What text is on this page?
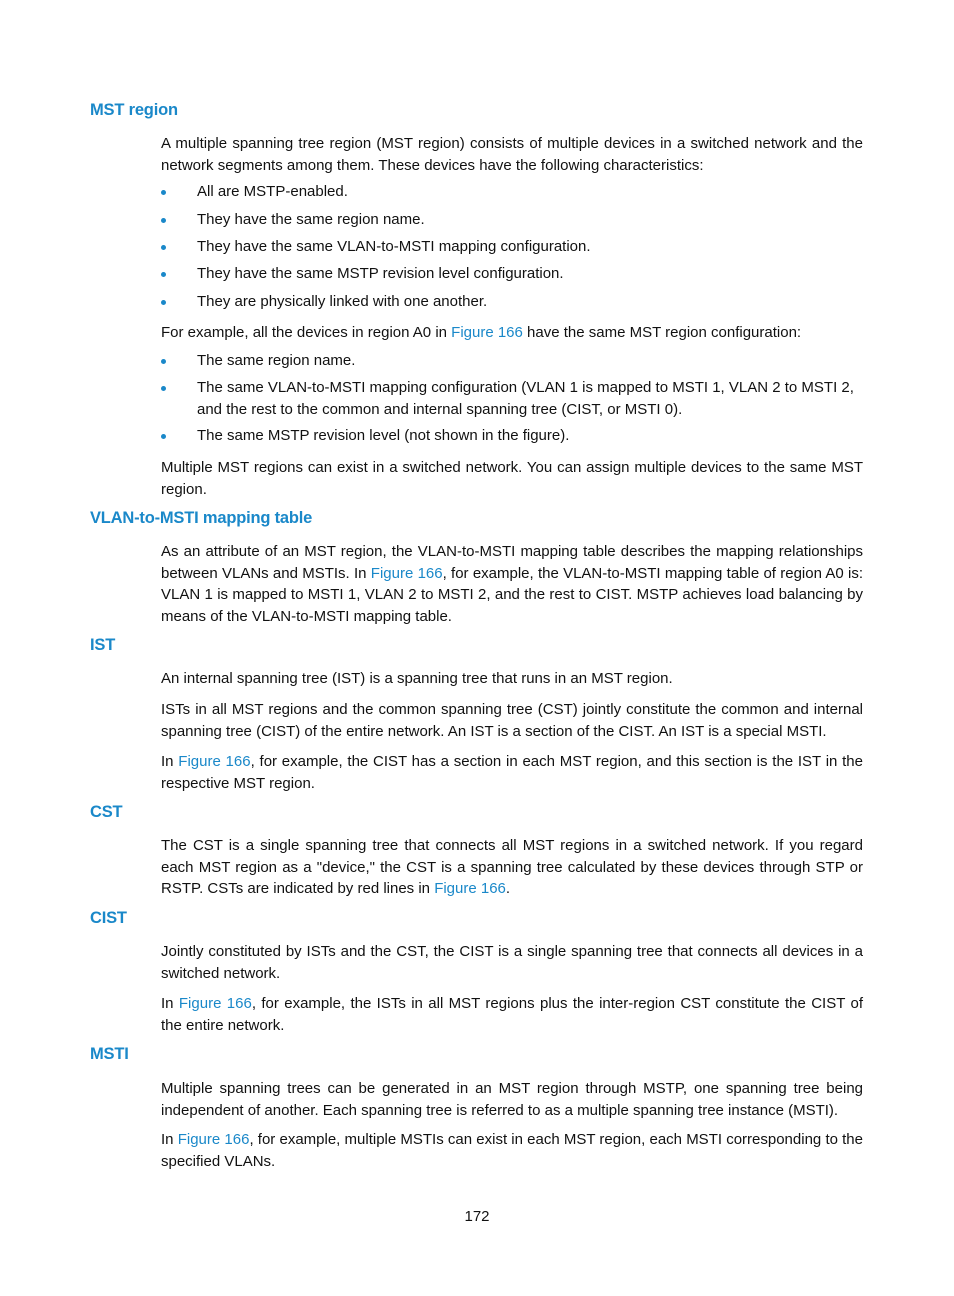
MST region

A multiple spanning tree region (MST region) consists of multiple devices in a switched network and the network segments among them. These devices have the following characteristics:

All are MSTP-enabled.
They have the same region name.
They have the same VLAN-to-MSTI mapping configuration.
They have the same MSTP revision level configuration.
They are physically linked with one another.

For example, all the devices in region A0 in Figure 166 have the same MST region configuration:

The same region name.
The same VLAN-to-MSTI mapping configuration (VLAN 1 is mapped to MSTI 1, VLAN 2 to MSTI 2, and the rest to the common and internal spanning tree (CIST, or MSTI 0).
The same MSTP revision level (not shown in the figure).

Multiple MST regions can exist in a switched network. You can assign multiple devices to the same MST region.

VLAN-to-MSTI mapping table

As an attribute of an MST region, the VLAN-to-MSTI mapping table describes the mapping relationships between VLANs and MSTIs. In Figure 166, for example, the VLAN-to-MSTI mapping table of region A0 is: VLAN 1 is mapped to MSTI 1, VLAN 2 to MSTI 2, and the rest to CIST. MSTP achieves load balancing by means of the VLAN-to-MSTI mapping table.

IST

An internal spanning tree (IST) is a spanning tree that runs in an MST region.

ISTs in all MST regions and the common spanning tree (CST) jointly constitute the common and internal spanning tree (CIST) of the entire network. An IST is a section of the CIST. An IST is a special MSTI.

In Figure 166, for example, the CIST has a section in each MST region, and this section is the IST in the respective MST region.

CST

The CST is a single spanning tree that connects all MST regions in a switched network. If you regard each MST region as a "device," the CST is a spanning tree calculated by these devices through STP or RSTP. CSTs are indicated by red lines in Figure 166.

CIST

Jointly constituted by ISTs and the CST, the CIST is a single spanning tree that connects all devices in a switched network.

In Figure 166, for example, the ISTs in all MST regions plus the inter-region CST constitute the CIST of the entire network.

MSTI

Multiple spanning trees can be generated in an MST region through MSTP, one spanning tree being independent of another. Each spanning tree is referred to as a multiple spanning tree instance (MSTI).

In Figure 166, for example, multiple MSTIs can exist in each MST region, each MSTI corresponding to the specified VLANs.

172
